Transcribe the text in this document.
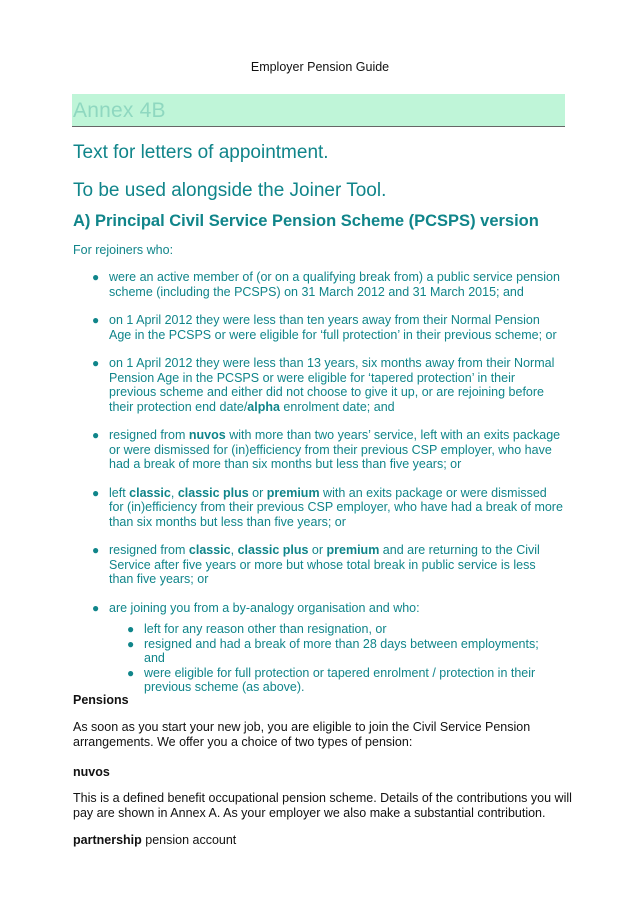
Employer Pension Guide
Annex 4B
Text for letters of appointment.
To be used alongside the Joiner Tool.
A) Principal Civil Service Pension Scheme (PCSPS) version
For rejoiners who:
● were an active member of (or on a qualifying break from) a public service pension scheme (including the PCSPS) on 31 March 2012 and 31 March 2015; and
● on 1 April 2012 they were less than ten years away from their Normal Pension Age in the PCSPS or were eligible for ‘full protection’ in their previous scheme; or
● on 1 April 2012 they were less than 13 years, six months away from their Normal Pension Age in the PCSPS or were eligible for ‘tapered protection’ in their previous scheme and either did not choose to give it up, or are rejoining before their protection end date/alpha enrolment date; and
● resigned from nuvos with more than two years’ service, left with an exits package or were dismissed for (in)efficiency from their previous CSP employer, who have had a break of more than six months but less than five years; or
● left classic, classic plus or premium with an exits package or were dismissed for (in)efficiency from their previous CSP employer, who have had a break of more than six months but less than five years; or
● resigned from classic, classic plus or premium and are returning to the Civil Service after five years or more but whose total break in public service is less than five years; or
● are joining you from a by-analogy organisation and who:
● left for any reason other than resignation, or
● resigned and had a break of more than 28 days between employments; and
● were eligible for full protection or tapered enrolment / protection in their previous scheme (as above).
Pensions
As soon as you start your new job, you are eligible to join the Civil Service Pension arrangements. We offer you a choice of two types of pension:
nuvos
This is a defined benefit occupational pension scheme. Details of the contributions you will pay are shown in Annex A. As your employer we also make a substantial contribution.
partnership pension account
